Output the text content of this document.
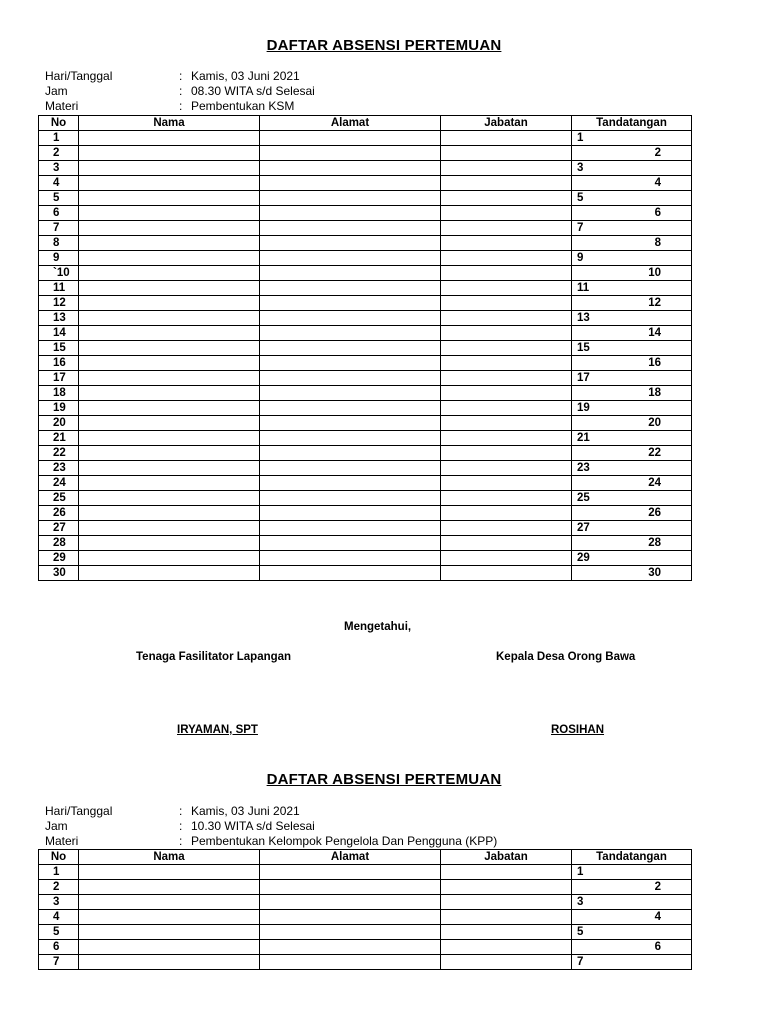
DAFTAR ABSENSI PERTEMUAN
Hari/Tanggal	: Kamis, 03 Juni 2021
Jam	: 08.30 WITA s/d Selesai
Materi	: Pembentukan KSM
No	Nama	Alamat	Jabatan	Tandatangan
1				1
2				2
3				3
4				4
5				5
6				6
7				7
8				8
9				9
`10				10
11				11
12				12
13				13
14				14
15				15
16				16
17				17
18				18
19				19
20				20
21				21
22				22
23				23
24				24
25				25
26				26
27				27
28				28
29				29
30				30
Mengetahui,
Tenaga Fasilitator Lapangan	Kepala Desa Orong Bawa
IRYAMAN, SPT	ROSIHAN
DAFTAR ABSENSI PERTEMUAN
Hari/Tanggal	: Kamis, 03 Juni 2021
Jam	: 10.30 WITA s/d Selesai
Materi	: Pembentukan Kelompok Pengelola Dan Pengguna (KPP)
No	Nama	Alamat	Jabatan	Tandatangan
1				1
2				2
3				3
4				4
5				5
6				6
7				7
